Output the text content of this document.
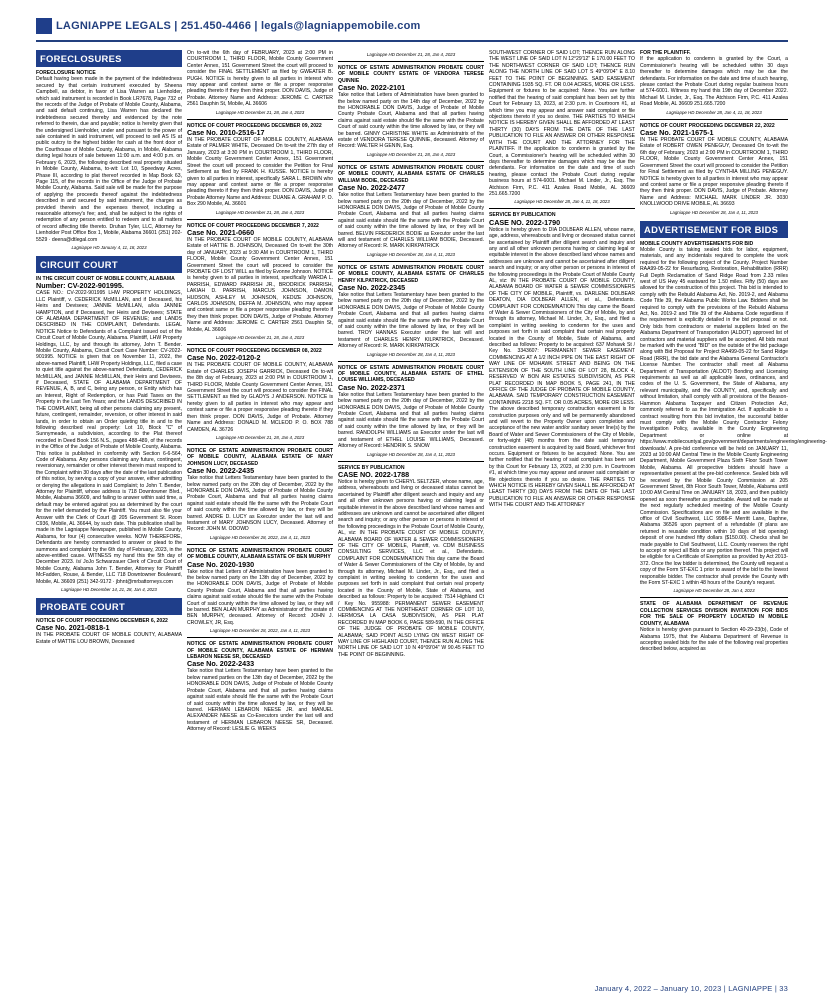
LAGNIAPPE LEGALS | 251.450-4466 | legals@lagniappemobile.com
FORECLOSURES
FORECLOSURE NOTICE
Default having been made in the payment of the indebtedness secured by that certain instrument executed by Sheena Campbell, as debtor, in favor of Lisa Warren as Lienholder, which said instrument is recorded in Book LR7678, Page 732 of the records of the Judge of Probate of Mobile County, Alabama, and said default continuing, Lisa Warren has declared the indebtedness secured thereby and evidenced by the note referred to therein, due and payable; notice is hereby given that the undersigned Lienholder, under and pursuant to the power of sale contained in said instrument, will proceed to sell AS IS at public outcry to the highest bidder for cash at the front door of the Courthouse of Mobile County, Alabama, in Mobile, Alabama during legal hours of sale between 11:00 a.m. and 4:00 p.m. on February 6, 2023, the following described real property situated in Mobile County, Alabama, to-wit: Lot 10, Speedway Acres, Phase III, according to plat thereof recorded in Map Book 63, Page 115, of the records in the Office of the Judge of Probate Mobile County, Alabama. Said sale will be made for the purpose of applying the proceeds thereof against the indebtedness described in and secured by said instrument, the charges as provided therein and the expenses thereof, including a reasonable attorney's fee; and, shall be subject to the rights of redemption of any person entitled to redeem and to all matters of record affecting title thereto. Druhan Tyler, LLC, Attorney for Lienholder Post Office Box 1, Mobile, Alabama 36601 (251) 202-5529 · deena@dtlegal.com
Lagniappe HD January 4, 11, 18, 2023
CIRCUIT COURT
IN THE CIRCUIT COURT OF MOBILE COUNTY, ALABAMA
Number: CV-2022-901995.
CASE NO.: CV-2022-901995 LHW PROPERTY HOLDINGS, LLC Plaintiff, v. CEDERICK McMILLAN, and if Deceased, his Heirs and Devisees; JANNIE McMILLAN, a/k/a JANNIE HAMPTON, and if Deceased, her Heirs and Devisees; STATE OF ALABAMA DEPARTMENT OF REVENUE; and LANDS DESCRIBED IN THE COMPLAINT, Defendants. LEGAL NOTICE Notice to Defendants of a Complaint issued out of the Circuit Court of Mobile County, Alabama. Plaintiff, LHW Property Holdings, LLC, by and through its attorney, John T. Bender. Mobile County, Alabama, Circuit Court Case Number: CV-2022-901995. NOTICE is given that on November 11, 2022, the above-named Plaintiff, LHW Property Holdings, LLC, filed a case to quiet title against the above-named Defendants, CEDERICK McMILLAN, and JANNIE McMILLAN, their Heirs and Devisees, if Deceased, STATE OF ALABAMA DEPARTMENT OF REVENUE, A, B, and C, being any person, or Entity which has an Interest, Right of Redemption, or has Paid Taxes on the Property in the Last Ten Years; and the LANDS DESCRIBED IN THE COMPLAINT, being all other persons claiming any present, future, contingent, remainder, reversion, or other interest in said lands, in order to obtain an Order quieting title in and to the following described real property: Lot 10, Block "C" of Sunnymeade, a subdivision, according to the Plat thereof recorded in Deed Book 156 N.S., pages 488-489, of the records in the Office of the Judge of Probate of Mobile County, Alabama. This notice is published in conformity with Section 6-6-564, Code of Alabama. Any persons claiming any future, contingent, reversionary, remainder or other interest therein must respond to the Complaint within 30 days after the date of the last publication of this notice, by serving a copy of your answer, either admitting or denying the allegations in said Complaint; to John T. Bender, Attorney for Plaintiff, whose address is 718 Downtowner Blvd., Mobile, Alabama 36609, and failing to answer within said time, a default may be entered against you as determined by the court for the relief demanded by the Plaintiff. You must also file your Answer with the Clerk of Court @ 205 Government St. Room C936, Mobile, AL 36644, by such date. This publication shall be made in the Lagniappe Newspaper, published in Mobile County, Alabama, for four (4) consecutive weeks. NOW THEREFORE, Defendants are hereby commanded to answer or plead to the summons and complaint by the 6th day of February, 2023, in the above-entitled cause. WITNESS my hand this the 5th day of December 2023. /s/ JoJo Schwarzauer Clerk of Circuit Court of Mobile County, Alabama John T. Bender, Attorney for Plaintiff McFadden, Rouse, & Bender, LLC 718 Downtowner Boulevard, Mobile, AL 36609 (251) 342-9172 · jbhnt@mrbattorneys.com
Lagniappe HD December 14, 21, 28, Jan 4, 2023
PROBATE COURT
NOTICE OF COURT PROCEEDING DECEMBER 6, 2022
Case No. 2021-0818-1
IN THE PROBATE COURT OF MOBILE COUNTY, ALABAMA Estate of MATTIE LOU BROWN, Deceased
On to-wit the 6th day of FEBRUARY, 2023 at 2:00 PM in COURTROOM 1, THIRD FLOOR, Mobile County Government Center Annex, 151 Government Street the court will proceed to consider the FINAL SETTLEMENT as filed by GWEATER B. PUGH. NOTICE is hereby given to all parties in interest who may appear and contest same or file a proper responsive pleading thereto if they then think proper. DON DAVIS, Judge of Probate. Attorney Name and Address: JEROME C. CARTER 2561 Dauphin St, Mobile, AL 36606
Lagniappe HD December 21, 28, Jan 4, 2023
NOTICE OF COURT PROCEEDING DECEMBER 09, 2022
Case No. 2010-2516-17
IN THE PROBATE COURT OF MOBILE COUNTY, ALABAMA Estate of PALMER WHITE, Deceased On to-wit the 27th day of January, 2023 at 3:30 PM in COURTROOM 1, THIRD FLOOR, Mobile County Government Center Annex, 151 Government Street the court will proceed to consider the Petition for Final Settlement as filed by FRANK H. KUSSE. NOTICE is hereby given to all parties in interest, specifically SARA L. BROWN who may appear and contest same or file a proper responsive pleading thereto if they then think proper. DON DAVIS, Judge of Probate Attorney Name and Address: DUANE A. GRAHAM P. O. Box 290 Mobile, AL 36601
Lagniappe HD December 21, 28, Jan 4, 2023
NOTICE OF COURT PROCEEDING DECEMBER 7, 2022
Case No. 2021-0660
IN THE PROBATE COURT OF MOBILE COUNTY, ALABAMA Estate of HATTIE B. JOHNSON, Deceased On to-wit the 30th day of JANUARY, 2023 at 9:30 AM in COURTROOM 1, THIRD FLOOR, Mobile County Government Center Annex, 151 Government Street the court will proceed to consider the PROBATE OF LOST WILL as filed by Evonne Johnson. NOTICE is hereby given to all parties in interest, specifically WARDA L. PARRISH, EDWARD PARRISH JR., BRODRICK PARRISH, LAKIAH D. PARRISH, MARCUS JOHNSON, DAMON HUDSON, ASHLEY M. JOHNSON, KEDIZE JOHNSON, CARLOS JOHNSON, DEFFA M. JOHNSON, who may appear and contest same or file a proper responsive pleading thereto if they then think proper. DON DAVIS, Judge of Probate. Attorney Name and Address: JEROME C. CARTER 2561 Dauphin St, Mobile, AL 36606
Lagniappe HD December 21, 28, Jan 4, 2023
NOTICE OF COURT PROCEEDING DECEMBER 08, 2022
Case No. 2022-0120-2
IN THE PROBATE COURT OF MOBILE COUNTY, ALABAMA Estate of CHARLES JOSEPH GARRICK, Deceased On to-wit the 8th day of February, 2023 at 2:00 PM in COURTROOM 1, THIRD FLOOR, Mobile County Government Center Annex, 151 Government Street the court will proceed to consider the FINAL SETTLEMENT as filed by GLADYS J ANDERSON. NOTICE is hereby given to all parties in interest who may appear and contest same or file a proper responsive pleading thereto if they then think proper. DON DAVIS, Judge of Probate. Attorney Name and Address: DONALD M. MCLEOD P. O. BOX 788 CAMDEN, AL 36726
Lagniappe HD December 21, 28, Jan 4, 2023
NOTICE OF ESTATE ADMINISTRATION PROBATE COURT OF MOBILE COUNTY, ALABAMA ESTATE OF MARY JOHNSON LUCY, DECEASED
Case No. 2022-2435
Take notice that Letters Testamentary have been granted to the below named party on the 20th day of December, 2022 by the HONORABLE DON DAVIS, Judge of Probate of Mobile County Probate Court, Alabama and that all parties having claims against said estate should file the same with the Probate Court of said county within the time allowed by law, or they will be barred. ANDRE D. LUCY as Executor under the last will and testament of MARY JOHNSON LUCY, Deceased. Attorney of Record: JOHN M. ODOWD
Lagniappe HD December 28, 2022, Jan 4, 11, 2023
NOTICE OF ESTATE ADMINISTRATION PROBATE COURT OF MOBILE COUNTY, ALABAMA ESTATE OF BEN MURPHY
Case No. 2020-1930
Take notice that Letters of Administration have been granted to the below named party on the 13th day of December, 2022 by the HONORABLE DON DAVIS, Judge of Probate of Mobile County Probate Court, Alabama and that all parties having claims against said estate should file the same with the Probate Court of said county within the time allowed by law, or they will be barred. BEN ALAN MURPHY as Administrator of the estate of BEN MURPHY, deceased. Attorney of Record: JOHN J. CROWLEY, JR, Esq.
Lagniappe HD December 28, 2022, Jan 4, 11, 2023
NOTICE OF ESTATE ADMINISTRATION PROBATE COURT OF MOBILE COUNTY, ALABAMA ESTATE OF HERMAN LEBARON NEESE SR, DECEASED
Case No. 2022-2433
Take notice that Letters Testamentary have been granted to the below named parties on the 13th day of December, 2022 by the HONORABLE DON DAVIS, Judge of Probate of Mobile County Probate Court, Alabama and that all parties having claims against said estate should file the same with the Probate Court of said county within the time allowed by law, or they will be barred. HERMAN LEBARON NEESE JR. and MANUEL ALEXANDER NEESE as Co-Executors under the last will and testament of HERMAN LEBARON NEESE SR, Deceased. Attorney of Record: LESLIE G. WEEKS
Lagniappe HD December 21, 28, Jan 4, 2023
NOTICE OF ESTATE ADMINISTRATION PROBATE COURT OF MOBILE COUNTY ESTATE OF VENDORA TERESE QUINNIE
Case No. 2022-2101
Take notice that Letters of Administration have been granted to the below named party on the 14th day of December, 2022 by the HONORABLE DON DAVIS, Judge of Probate of Mobile County Probate Court, Alabama and that all parties having claims against said estate should file the same with the Probate Court of said county within the time allowed by law, or they will be barred. GINNY CHRISTINE WHITE as Administratrix of the estate of VENDORA TERESE QUINNIE, deceased. Attorney of Record: WALTER H GENIN, Esq.
Lagniappe HD December 21, 28, Jan 4, 2023
NOTICE OF ESTATE ADMINISTRATION PROBATE COURT OF MOBILE COUNTY, ALABAMA ESTATE OF CHARLES WILLIAM BODIE, DECEASED
Case No. 2022-2477
Take notice that Letters Testamentary have been granted to the below named party on the 20th day of December, 2022 by the HONORABLE DON DAVIS, Judge of Probate of Mobile County Probate Court, Alabama and that all parties having claims against said estate should file the same with the Probate Court of said county within the time allowed by law, or they will be barred. BELVIN FREDERICK BODIE as Executor under the last will and testament of CHARLES WILLIAM BODIE, Deceased. Attorney of Record: R. MARK KIRKPATRICK
Lagniappe HD December 28, Jan 4, 11, 2023
NOTICE OF ESTATE ADMINISTRATION PROBATE COURT OF MOBILE COUNTY, ALABAMA ESTATE OF CHARLES HENRY KILPATRICK, DECEASED
Case No. 2022-2345
Take notice that Letters Testamentary have been granted to the below named party on the 20th day of December, 2022 by the HONORABLE DON DAVIS, Judge of Probate of Mobile County Probate Court, Alabama and that all parties having claims against said estate should file the same with the Probate Court of said county within the time allowed by law, or they will be barred. TROY HANNAS Executor under the last will and testament of CHARLES HENRY KILPATRICK, Deceased. Attorney of Record: R. MARK KIRKPATRICK
Lagniappe HD December 28, Jan 4, 11, 2023
NOTICE OF ESTATE ADMINISTRATION PROBATE COURT OF MOBILE COUNTY, ALABAMA ESTATE OF ETHEL LOUISE WILLIAMS, DECEASED
Case No. 2022-2371
Take notice that Letters Testamentary have been granted to the below named party on the 20th day of December, 2022 by the HONORABLE DON DAVIS, Judge of Probate of Mobile County Probate Court, Alabama and that all parties having claims against said estate should file the same with the Probate Court of said county within the time allowed by law, or they will be barred. RANDOLPH WILLIAMS as Executor under the last will and testament of ETHEL LOUISE WILLIAMS, Deceased. Attorney of Record: HENDRIK S. SNOW
Lagniappe HD December 28, Jan 4, 11, 2023
SERVICE BY PUBLICATION
CASE NO. 2022-1788
Notice is hereby given to CHERYL SELTZER, whose name, age, address, whereabouts and living or deceased status cannot be ascertained by Plaintiff after diligent search and inquiry and any and all other unknown persons having or claiming legal or equitable interest in the above described land whose names and addresses are unknown and cannot be ascertained after diligent search and inquiry; or any other person or persons in interest of the following proceedings in the Probate Court of Mobile County, AL, viz: IN THE PROBATE COURT OF MOBILE COUNTY, ALABAMA BOARD OF WATER & SEWER COMMISSIONERS OF THE CITY OF MOBILE, Plaintiff, vs. CDM BUSINESS CONSULTING SERVICES, LLC et al., Defendants. COMPLAINT FOR CONDEMNATION This day came the Board of Water & Sewer Commissioners of the City of Mobile, by and through its attorney, Michael M. Linder, Jr., Esq., and filed a complaint in writing seeking to condemn for the uses and purposes set forth in said complaint that certain real property located in the County of Mobile, State of Alabama, and described as follows: Property to be acquired: 7514 Highland Ct / Key No. 955988: PERMANENT SEWER EASEMENT COMMENCING AT THE NORTHEAST CORNER OF LOT 10, HERMOSA LA CASA SUBDIVISION, AS PER PLAT RECORDED IN MAP BOOK 6, PAGE 589-590, IN THE OFFICE OF THE JUDGE OF PROBATE OF MOBILE COUNTY, ALABAMA; SAID POINT ALSO LYING ON WEST RIGHT OF WAY LINE OF HIGHLAND COURT, THENCE RUN ALONG THE NORTH LINE OF SAID LOT 10 N 49°09'04" W 90.45 FEET TO THE POINT OF BEGINNING.
SOUTHWEST CORNER OF SAID LOT; THENCE RUN ALONG THE WEST LINE OF SAID LOT N 12°29'12" E 170.00 FEET TO THE NORTHWEST CORNER OF SAID LOT; THENCE RUN ALONG THE NORTH LINE OF SAID LOT S 49°09'04" E 8.10 FEET TO THE POINT OF BEGINNING. SAID EASEMENT CONTAINING 1935 SQ. FT. OR 0.04 ACRES, MORE OR LESS. Equipment or fixtures to be acquired: None. You are further notified that the hearing of said complaint has been set by this Court for February 13, 2023, at 2:30 p.m. in Courtroom #1, at which time you may appear and answer said complaint or file objections thereto if you so desire. THE PARTIES TO WHICH NOTICE IS HEREBY GIVEN SHALL BE AFFORDED AT LEAST THIRTY (30) DAYS FROM THE DATE OF THE LAST PUBLICATION TO FILE AN ANSWER OR OTHER RESPONSE WITH THE COURT AND THE ATTORNEY FOR THE PLAINTIFF. If the application to condemn is granted by the Court, a Commissioner's hearing will be scheduled within 30 days thereafter to determine damages which may be due the defendants. For information on the date and time of such hearing, please contact the Probate Court during regular business hours at 574-6001. Michael M. Linder, Jr., Esq. The Atchison Firm, P.C. 411 Azalea Road Mobile, AL 36609 251.665.7200
Lagniappe HD December 28, Jan 4, 11, 18, 2023
SERVICE BY PUBLICATION
CASE NO. 2022-1790
Notice is hereby given to DIA DOLBEAR ALLEN, whose name, age, address, whereabouts and living or deceased status cannot be ascertained by Plaintiff after diligent search and inquiry and any and all other unknown persons having or claiming legal or equitable interest in the above described land whose names and addresses are unknown and cannot be ascertained after diligent search and inquiry; or any other person or persons in interest of the following proceedings in the Probate Court of Mobile County AL, viz: IN THE PROBATE COURT OF MOBILE COUNTY, ALABAMA BOARD OF WATER & SEWER COMMISSIONERS OF THE CITY OF MOBILE, Plaintiff, vs. DARLENE DOLBEAR DEATON, DIA DOLBEAR ALLEN, et al., Defendants. COMPLAINT FOR CONDEMNATION This day came the Board of Water & Sewer Commissioners of the City of Mobile, by and through its attorney, Michael M. Linder, Jr., Esq., and filed a complaint in writing seeking to condemn for the uses and purposes set forth in said complaint that certain real property located in the County of Mobile, State of Alabama, and described as follows: Property to be acquired: 637 Mohawk St / Key No. 3343607: PERMANENT SEWER EASEMENT COMMENCING AT A 1/2 INCH PIPE ON THE EAST RIGHT OF WAY LINE OF MOHAWK STREET AND BEING ON THE EXTENSION OF THE SOUTH LINE OF LOT 28, BLOCK 4, RESERVED 'A' BON AIR ESTATES SUBDIVISION, AS PER PLAT RECORDED IN MAP BOOK 5, PAGE 241, IN THE OFFICE OF THE JUDGE OF PROBATE OF MOBILE COUNTY, ALABAMA. SAID TEMPORARY CONSTRUCTION EASEMENT CONTAINING 2218 SQ. FT. OR 0.05 ACRES, MORE OR LESS. The above described temporary construction easement is for construction purposes only and will be permanently abandoned and will revert to the Property Owner upon completion and acceptance of the new water and/or sanitary sewer line(s) by the Board of Water and Sewer Commissioners of the City of Mobile, or forty-eight (48) months from the date said temporary construction easement is acquired by said Board, whichever first occurs. Equipment or fixtures to be acquired: None. You are further notified that the hearing of said complaint has been set by this Court for February 13, 2023, at 2:30 p.m. in Courtroom #1, at which time you may appear and answer said complaint or file objections thereto if you so desire. THE PARTIES TO WHICH NOTICE IS HEREBY GIVEN SHALL BE AFFORDED AT LEAST THIRTY (30) DAYS FROM THE DATE OF THE LAST PUBLICATION TO FILE AN ANSWER OR OTHER RESPONSE WITH THE COURT AND THE ATTORNEY
FOR THE PLAINTIFF.
If the application to condemn is granted by the Court, a Commissioner's hearing will be scheduled within 30 days thereafter to determine damages which may be due the defendants. For information on the date and time of such hearing, please contact the Probate Court during regular business hours at 574-6001. Witness my hand this 19th day of December 2022. Michael M. Linder, Jr., Esq. The Atchison Firm, P.C. 411 Azalea Road Mobile, AL 36609 251.665.7200
Lagniappe HD December 28, Jan 4, 11, 18, 2023
NOTICE OF COURT PROCEEDING DECEMBER 22, 2022
Case No. 2021-1675-1
IN THE PROBATE COURT OF MOBILE COUNTY, ALABAMA Estate of ROBERT OWEN PENEGUY, Deceased On to-wit the 6th day of February, 2023 at 2:00 PM in COURTROOM 1, THIRD FLOOR, Mobile County Government Center Annex, 151 Government Street the court will proceed to consider the Petition for Final Settlement as filed by CYNTHIA MILLING PENEGUY. NOTICE is hereby given to all parties in interest who may appear and contest same or file a proper responsive pleading thereto if they then think proper. DON DAVIS, Judge of Probate. Attorney Name and Address: MICHAEL MARK LINDER JR. 3030 KNOLLWOOD DRIVE MOBILE, AL 36693
Lagniappe HD December 28, Jan 4, 11, 2023
ADVERTISEMENT FOR BIDS
MOBILE COUNTY ADVERTISEMENTS FOR BID
Mobile County is taking sealed bids for labor, equipment, materials, and any incidentals required to complete the work required for the following project of the County. Project Number RAA99-05-22 for Resurfacing, Restoration, Rehabilitation (RRR) Full Depth Reclamation of Sand Ridge Road from 2.33 miles west of US Hwy 45 eastward for 1.50 miles. Fifty (50) days are allowed for the construction of this project. This bid is intended to comply with the Rebuild Alabama Act, No. 2019-2, and Alabama Code Title 39, the Alabama Public Works Law. Bidders shall be required to comply with the provisions of the Rebuild Alabama Act, No. 2019-2 and Title 39 of the Alabama Code regardless if the requirement is explicitly detailed in the bid proposal or not. Only bids from contractors or material suppliers listed on the Alabama Department of Transportation (ALDOT) approved list of contractors and material suppliers will be accepted. All bids must be marked with the word "BID" on the outside of the bid package along with Bid Proposal for Project RA499-05-22 for Sand Ridge Road (RRR), the bid date and the Alabama General Contractor's License Number. The contractor shall meet all Alabama Department of Transportation (ALDOT) Bonding and Licensing requirements as well as all applicable laws, ordinances, and codes of the U. S. Government, the State of Alabama, any relevant municipality, and the COUNTY, and, specifically and without limitation, shall comply with all provisions of the Beason-Hammon Alabama Taxpayer and Citizen Protection Act, commonly referred to as the Immigration Act. If applicable to a contract resulting from this bid invitation, the successful bidder must comply with the Mobile County Contractor Felony Investigation Policy, available in the County Engineering Department or online at https://www.mobilecountyal.gov/government/departments/engineering/engineering-downloads/. A pre-bid conference will be held on JANUARY 11, 2023 at 10:00 AM Central Time in the Mobile County Engineering Department, Mobile Government Plaza Sixth Floor South Tower Mobile, Alabama. All prospective bidders should have a representative present at the pre-bid conference. Sealed bids will be received by the Mobile County Commission at 205 Government Street, 8th Floor South Tower, Mobile, Alabama until 10:00 AM Central Time on JANUARY 18, 2023, and then publicly opened as soon thereafter as practicable. Award will be made at the next regularly scheduled meeting of the Mobile County Commission. Specifications are on file and are available in the office of Civil Southwest, LLC 9986-F Merritt Lane, Daphne, Alabama 36526 upon payment of a refundable (if plans are returned in reusable condition within 10 days of bid opening) deposit of one hundred fifty dollars ($150.00). Checks shall be made payable to Civil Southwest, LLC. County reserves the right to accept or reject all Bids or any portion thereof. This project will be eligible for a Certificate of Exemption as provided by Act 2013-372. Once the low bidder is determined, the County will request a copy of the Form ST-EXC 1 prior to award of the bid to the lowest responsible bidder. The contractor shall provide the County with the Form ST-EXC 1 within 48 hours of the County's request.
Lagniappe HD December 28, Jan 4, 2023
STATE OF ALABAMA DEPARTMENT OF REVENUE COLLECTION SERVICES DIVISION INVITATION FOR BIDS FOR THE SALE OF PROPERTY LOCATED IN MOBILE COUNTY, ALABAMA
Notice is hereby given pursuant to Section 40-29-23(b), Code of Alabama 1975, that the Alabama Department of Revenue is accepting sealed bids for the sale of the following real properties described below, acquired as
January 4, 2022 – January 10, 2023 | LAGNIAPPE | 33
